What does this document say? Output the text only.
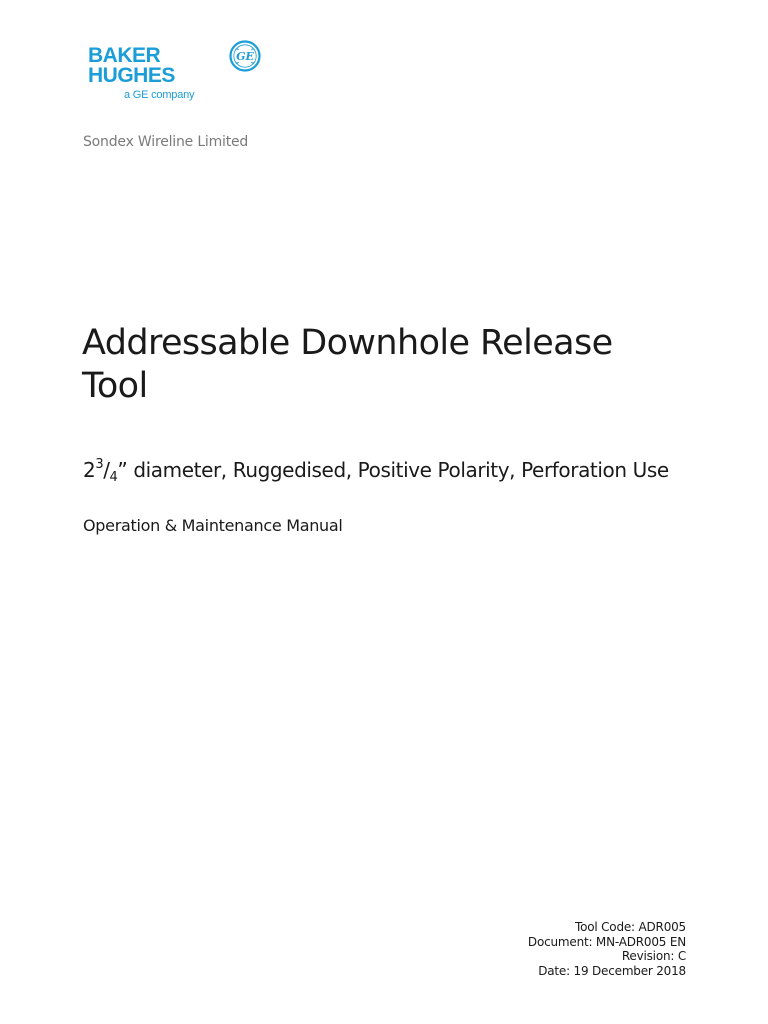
BAKER
HUGHES
a GE company
GE
Sondex Wireline Limited
Addressable Downhole Release Tool
$2^3/_4$” diameter, Ruggedised, Positive Polarity, Perforation Use
Operation & Maintenance Manual
Tool Code: ADR005
Document: MN-ADR005 EN
Revision: C
Date: 19 December 2018
